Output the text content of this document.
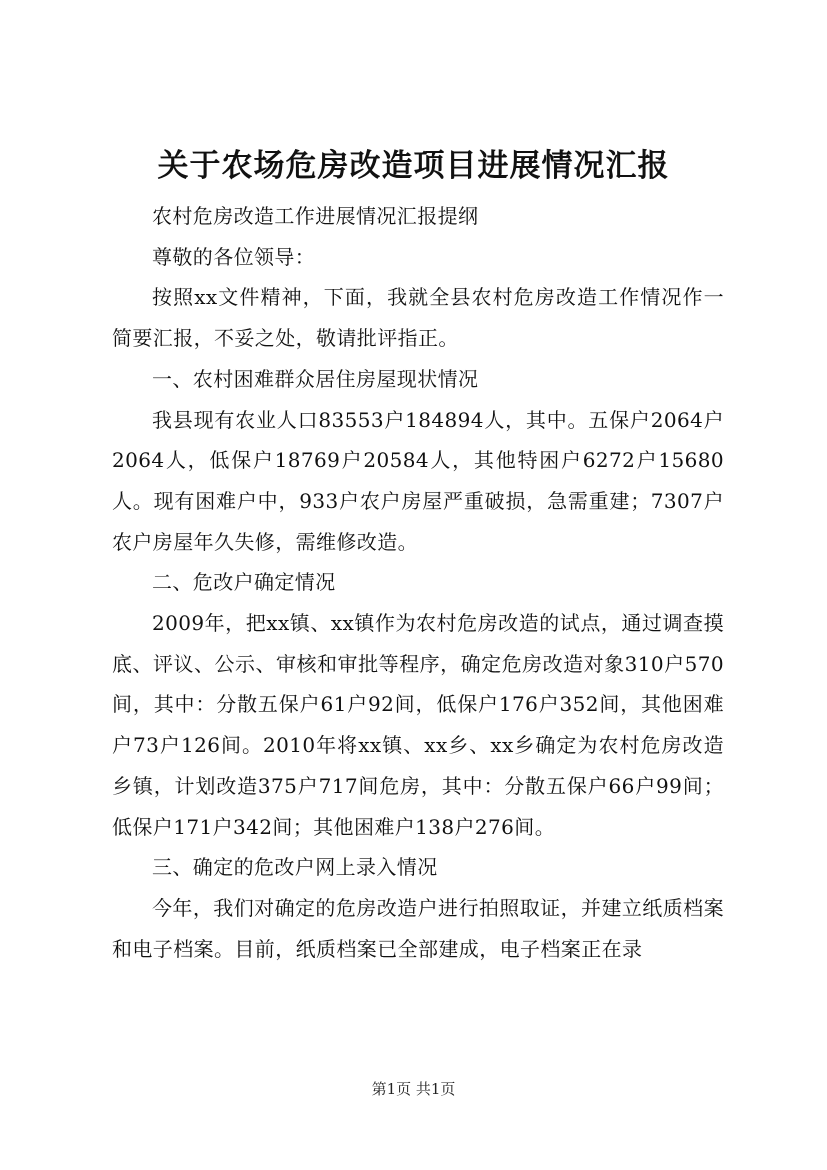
关于农场危房改造项目进展情况汇报

农村危房改造工作进展情况汇报提纲

尊敬的各位领导：

按照xx文件精神，下面，我就全县农村危房改造工作情况作一简要汇报，不妥之处，敬请批评指正。

一、农村困难群众居住房屋现状情况

我县现有农业人口83553户184894人，其中。五保户2064户2064人，低保户18769户20584人，其他特困户6272户15680人。现有困难户中，933户农户房屋严重破损，急需重建；7307户农户房屋年久失修，需维修改造。

二、危改户确定情况

2009年，把xx镇、xx镇作为农村危房改造的试点，通过调查摸底、评议、公示、审核和审批等程序，确定危房改造对象310户570间，其中：分散五保户61户92间，低保户176户352间，其他困难户73户126间。2010年将xx镇、xx乡、xx乡确定为农村危房改造乡镇，计划改造375户717间危房，其中：分散五保户66户99间；低保户171户342间；其他困难户138户276间。

三、确定的危改户网上录入情况

今年，我们对确定的危房改造户进行拍照取证，并建立纸质档案和电子档案。目前，纸质档案已全部建成，电子档案正在录

第1页 共1页
